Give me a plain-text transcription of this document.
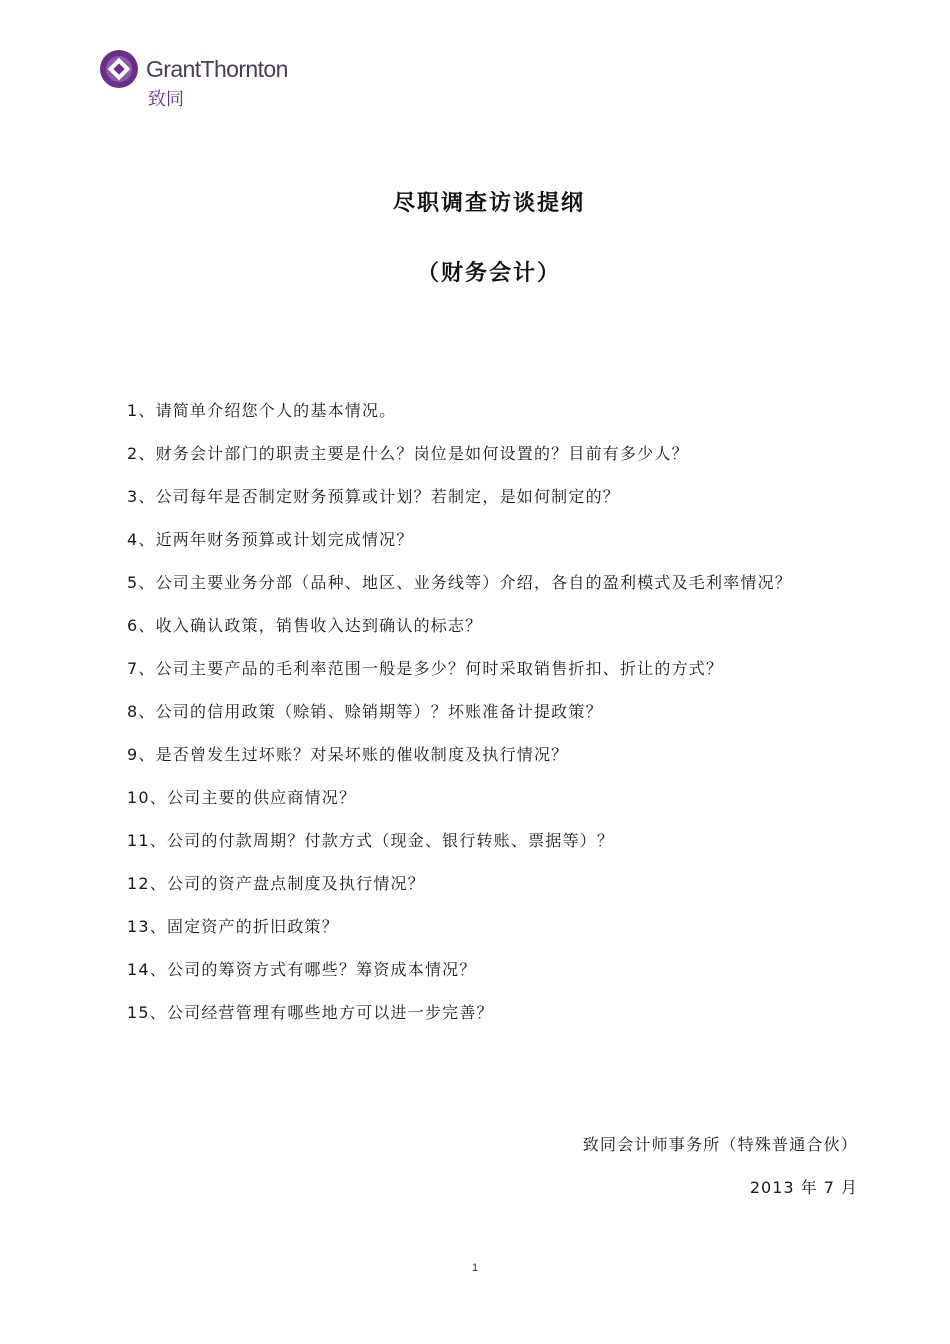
GrantThornton
致同
尽职调查访谈提纲
（财务会计）
1、请简单介绍您个人的基本情况。
2、财务会计部门的职责主要是什么？岗位是如何设置的？目前有多少人？
3、公司每年是否制定财务预算或计划？若制定，是如何制定的？
4、近两年财务预算或计划完成情况？
5、公司主要业务分部（品种、地区、业务线等）介绍，各自的盈利模式及毛利率情况？
6、收入确认政策，销售收入达到确认的标志？
7、公司主要产品的毛利率范围一般是多少？何时采取销售折扣、折让的方式？
8、公司的信用政策（赊销、赊销期等）？坏账准备计提政策？
9、是否曾发生过坏账？对呆坏账的催收制度及执行情况？
10、公司主要的供应商情况？
11、公司的付款周期？付款方式（现金、银行转账、票据等）？
12、公司的资产盘点制度及执行情况？
13、固定资产的折旧政策？
14、公司的筹资方式有哪些？筹资成本情况？
15、公司经营管理有哪些地方可以进一步完善？
致同会计师事务所（特殊普通合伙）
2013 年 7 月
1
